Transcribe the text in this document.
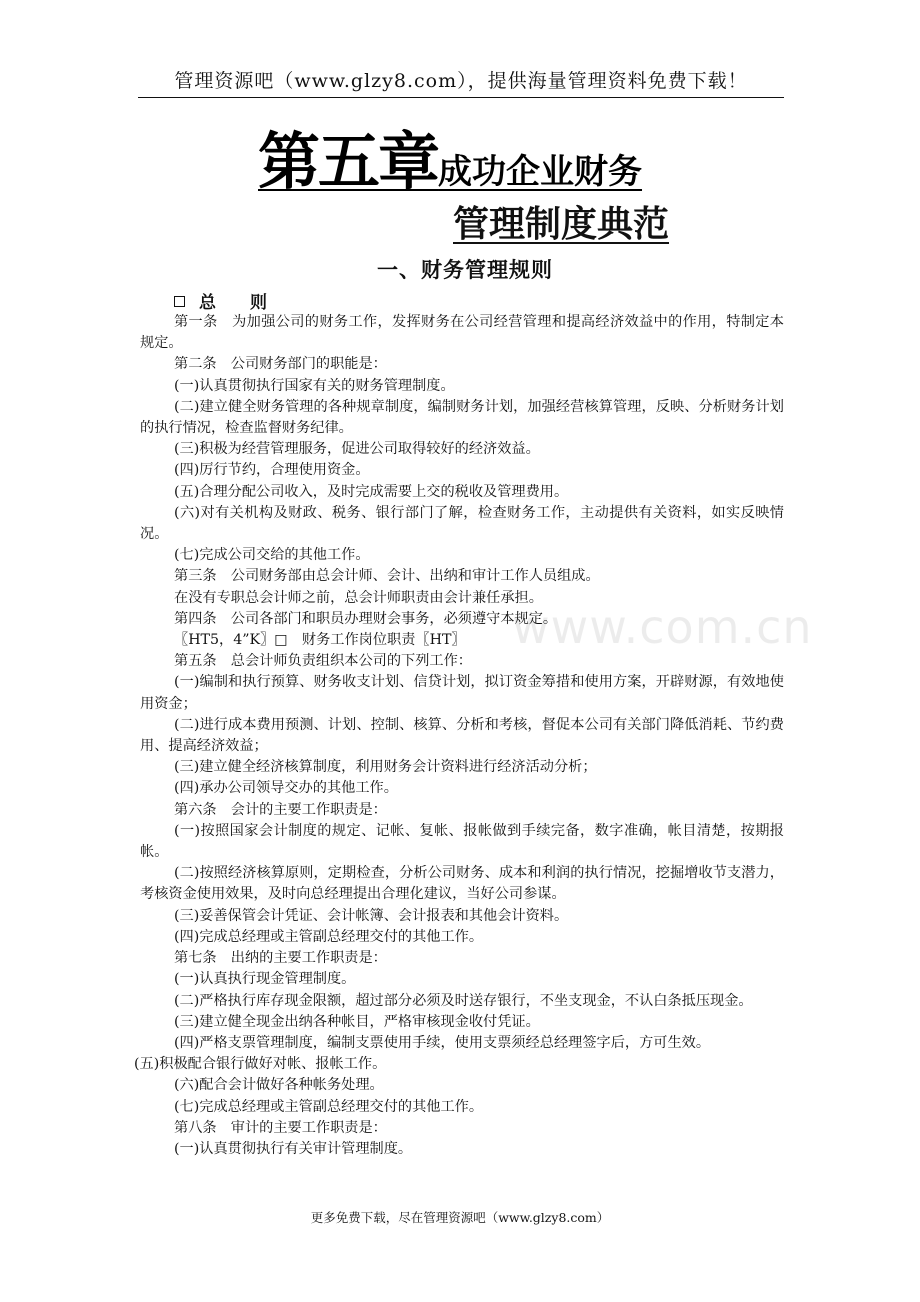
管理资源吧（www.glzy8.com），提供海量管理资料免费下载！
第五章成功企业财务
管理制度典范
一、财务管理规则
总 则

第一条　为加强公司的财务工作，发挥财务在公司经营管理和提高经济效益中的作用，特制定本规定。

第二条　公司财务部门的职能是：

(一)认真贯彻执行国家有关的财务管理制度。

(二)建立健全财务管理的各种规章制度，编制财务计划，加强经营核算管理，反映、分析财务计划的执行情况，检查监督财务纪律。

(三)积极为经营管理服务，促进公司取得较好的经济效益。

(四)厉行节约，合理使用资金。

(五)合理分配公司收入，及时完成需要上交的税收及管理费用。

(六)对有关机构及财政、税务、银行部门了解，检查财务工作，主动提供有关资料，如实反映情况。

(七)完成公司交给的其他工作。

第三条　公司财务部由总会计师、会计、出纳和审计工作人员组成。

在没有专职总会计师之前，总会计师职责由会计兼任承担。

第四条　公司各部门和职员办理财会事务，必须遵守本规定。

〖HT5，4”K〗□　财务工作岗位职责〖HT〗

第五条　总会计师负责组织本公司的下列工作：

(一)编制和执行预算、财务收支计划、信贷计划，拟订资金筹措和使用方案，开辟财源，有效地使用资金；

(二)进行成本费用预测、计划、控制、核算、分析和考核，督促本公司有关部门降低消耗、节约费用、提高经济效益；

(三)建立健全经济核算制度，利用财务会计资料进行经济活动分析；

(四)承办公司领导交办的其他工作。

第六条　会计的主要工作职责是：

(一)按照国家会计制度的规定、记帐、复帐、报帐做到手续完备，数字准确，帐目清楚，按期报帐。

(二)按照经济核算原则，定期检查，分析公司财务、成本和利润的执行情况，挖掘增收节支潜力，考核资金使用效果，及时向总经理提出合理化建议，当好公司参谋。

(三)妥善保管会计凭证、会计帐簿、会计报表和其他会计资料。

(四)完成总经理或主管副总经理交付的其他工作。

第七条　出纳的主要工作职责是：

(一)认真执行现金管理制度。

(二)严格执行库存现金限额，超过部分必须及时送存银行，不坐支现金，不认白条抵压现金。

(三)建立健全现金出纳各种帐目，严格审核现金收付凭证。

(四)严格支票管理制度，编制支票使用手续，使用支票须经总经理签字后，方可生效。

(五)积极配合银行做好对帐、报帐工作。

(六)配合会计做好各种帐务处理。

(七)完成总经理或主管副总经理交付的其他工作。

第八条　审计的主要工作职责是：

(一)认真贯彻执行有关审计管理制度。

www.com.cn
更多免费下载，尽在管理资源吧（www.glzy8.com）
